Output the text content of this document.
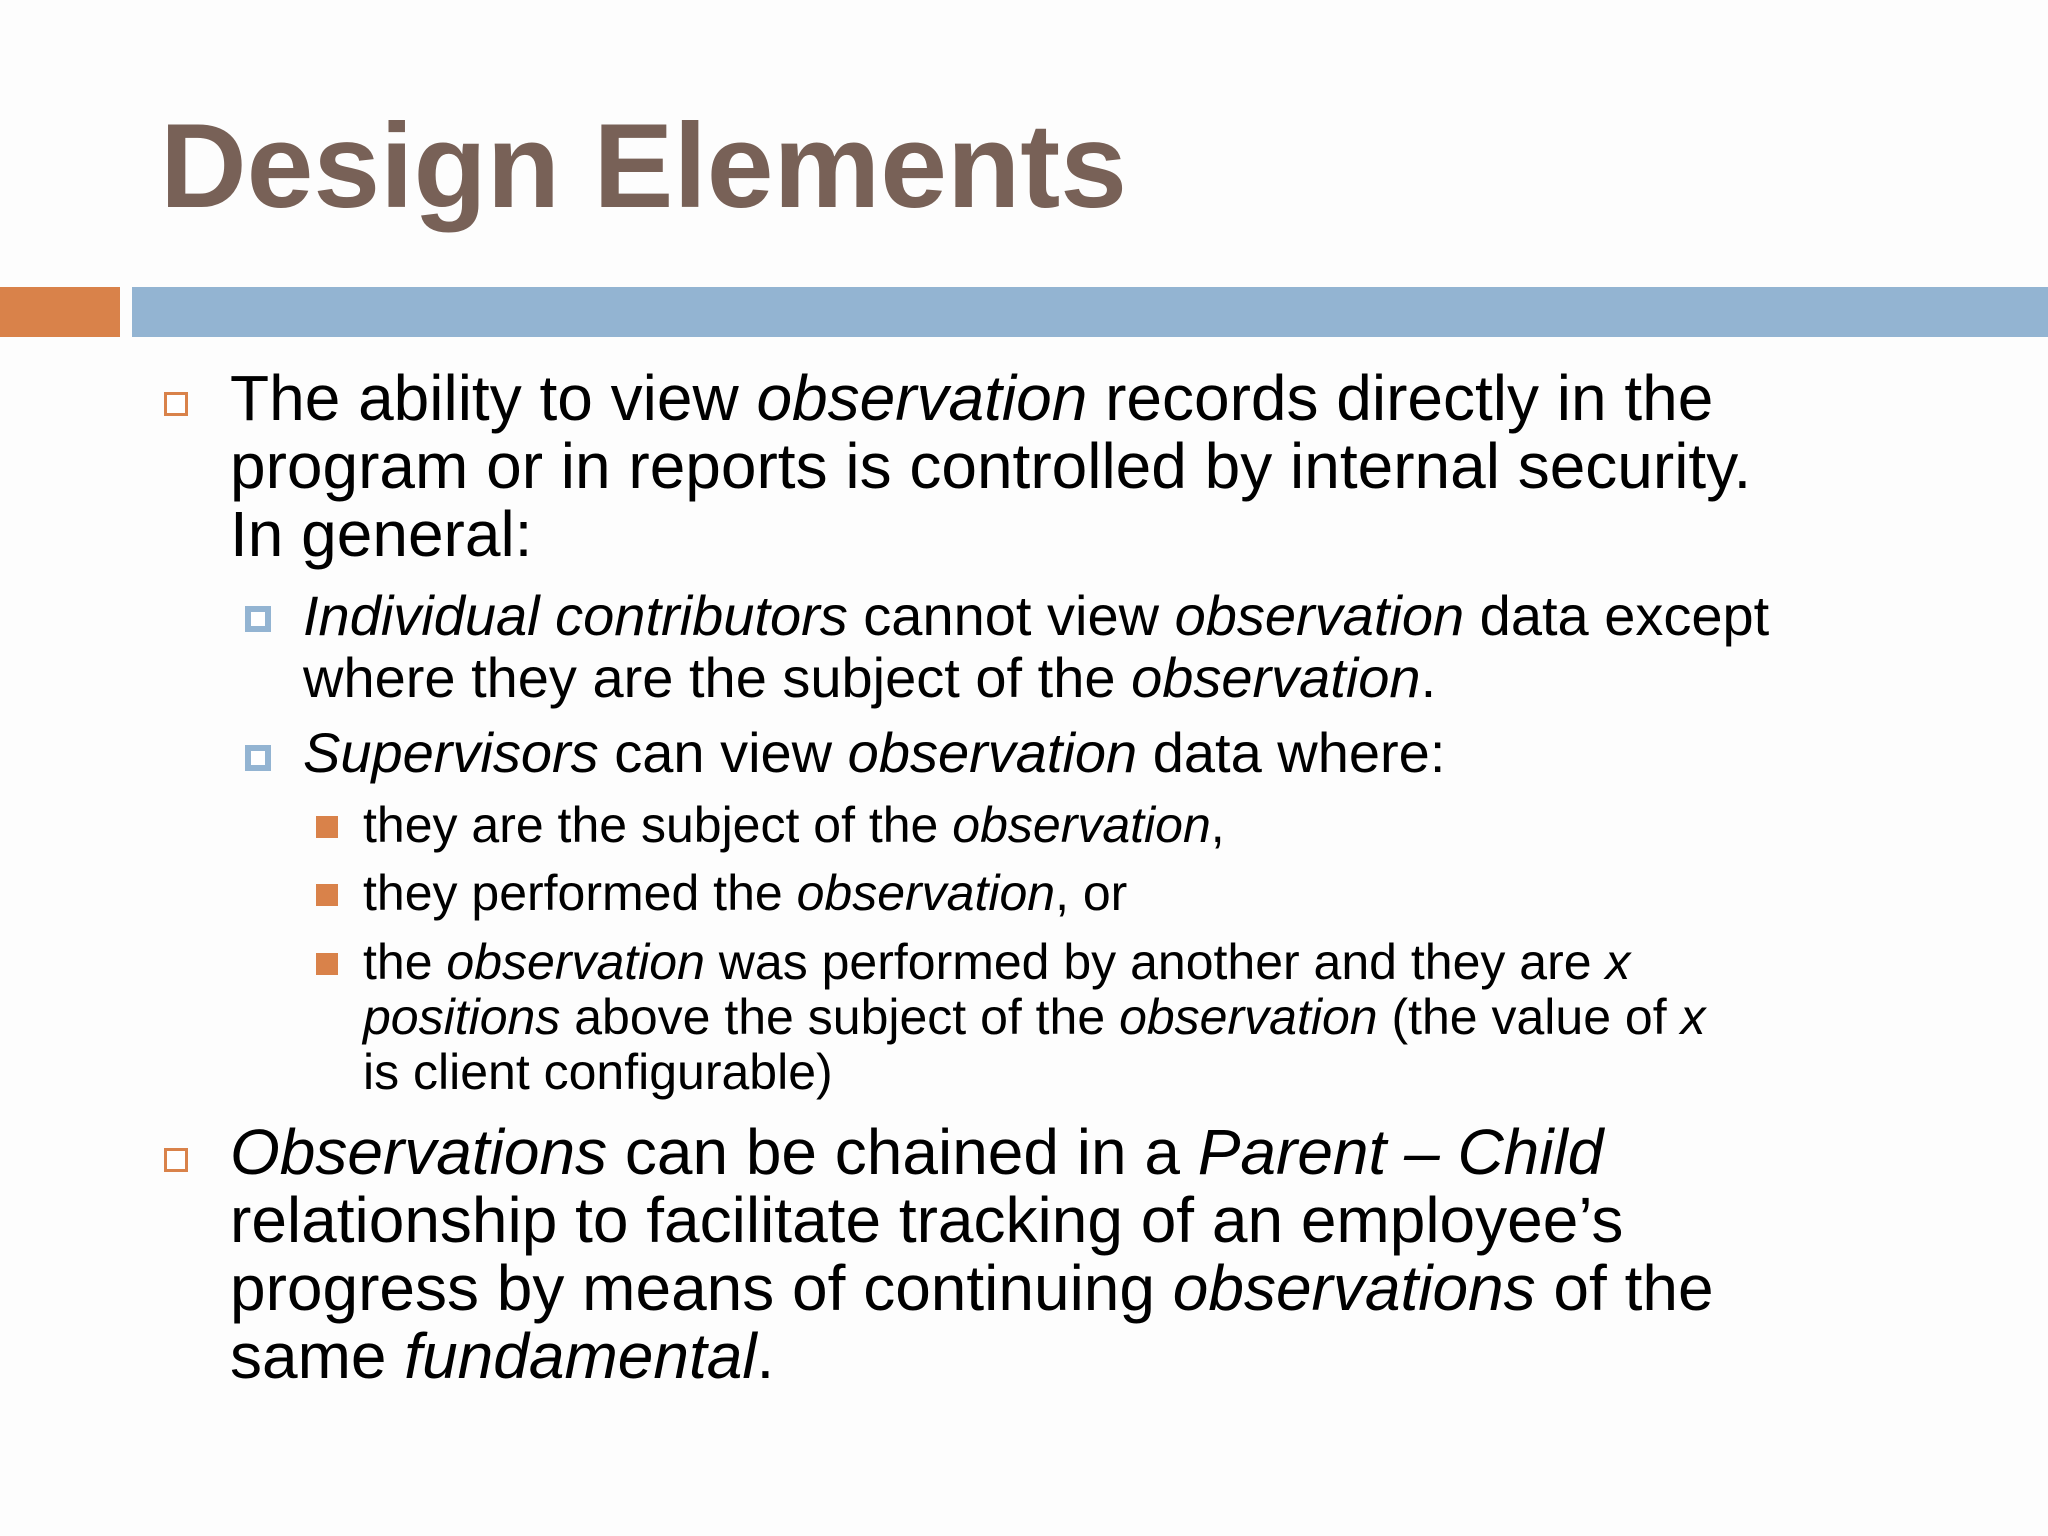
Design Elements

The ability to view observation records directly in the
program or in reports is controlled by internal security.
In general:

Individual contributors cannot view observation data except
where they are the subject of the observation.

Supervisors can view observation data where:

they are the subject of the observation,

they performed the observation, or

the observation was performed by another and they are x
positions above the subject of the observation (the value of x
is client configurable)

Observations can be chained in a Parent – Child
relationship to facilitate tracking of an employee’s
progress by means of continuing observations of the
same fundamental.
